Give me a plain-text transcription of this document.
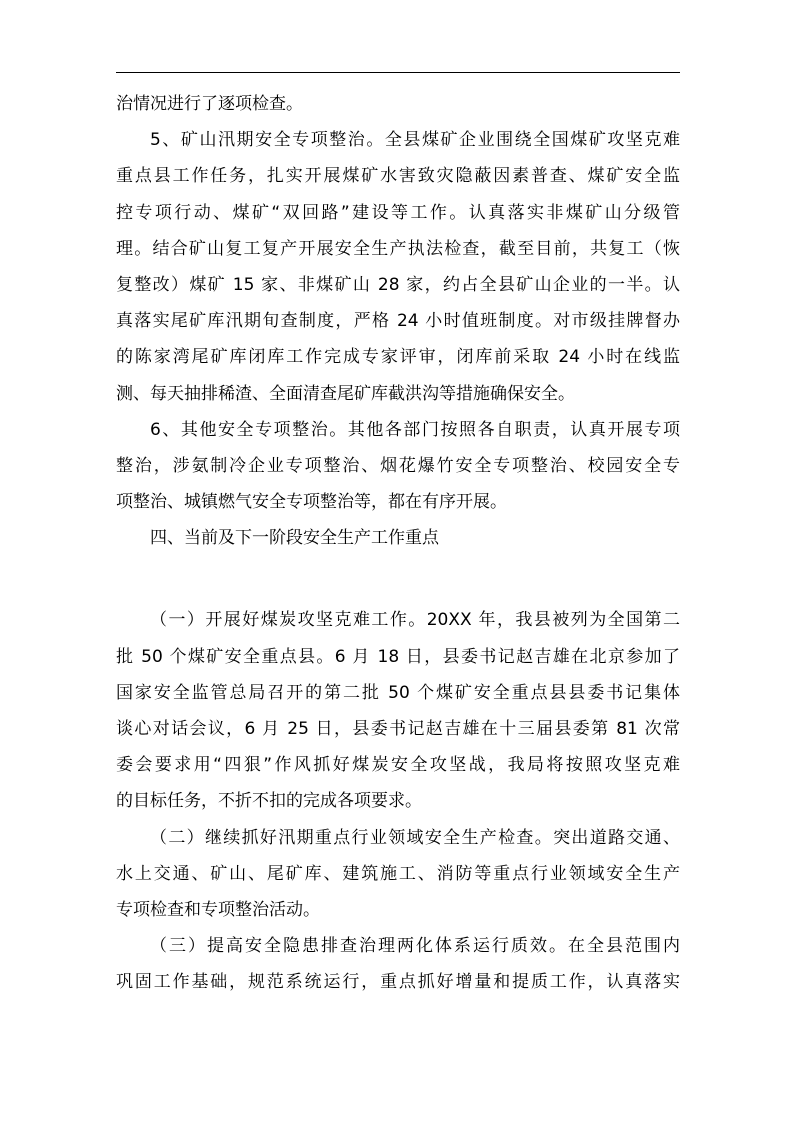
治情况进行了逐项检查。
5、矿山汛期安全专项整治。全县煤矿企业围绕全国煤矿攻坚克难
重点县工作任务，扎实开展煤矿水害致灾隐蔽因素普查、煤矿安全监
控专项行动、煤矿“双回路”建设等工作。认真落实非煤矿山分级管
理。结合矿山复工复产开展安全生产执法检查，截至目前，共复工（恢
复整改）煤矿 15 家、非煤矿山 28 家，约占全县矿山企业的一半。认
真落实尾矿库汛期旬查制度，严格 24 小时值班制度。对市级挂牌督办
的陈家湾尾矿库闭库工作完成专家评审，闭库前采取 24 小时在线监
测、每天抽排稀渣、全面清查尾矿库截洪沟等措施确保安全。
6、其他安全专项整治。其他各部门按照各自职责，认真开展专项
整治，涉氨制冷企业专项整治、烟花爆竹安全专项整治、校园安全专
项整治、城镇燃气安全专项整治等，都在有序开展。
四、当前及下一阶段安全生产工作重点
（一）开展好煤炭攻坚克难工作。20XX 年，我县被列为全国第二
批 50 个煤矿安全重点县。6 月 18 日，县委书记赵吉雄在北京参加了
国家安全监管总局召开的第二批 50 个煤矿安全重点县县委书记集体
谈心对话会议，6 月 25 日，县委书记赵吉雄在十三届县委第 81 次常
委会要求用“四狠”作风抓好煤炭安全攻坚战，我局将按照攻坚克难
的目标任务，不折不扣的完成各项要求。
（二）继续抓好汛期重点行业领域安全生产检查。突出道路交通、
水上交通、矿山、尾矿库、建筑施工、消防等重点行业领域安全生产
专项检查和专项整治活动。
（三）提高安全隐患排查治理两化体系运行质效。在全县范围内
巩固工作基础，规范系统运行，重点抓好增量和提质工作，认真落实
